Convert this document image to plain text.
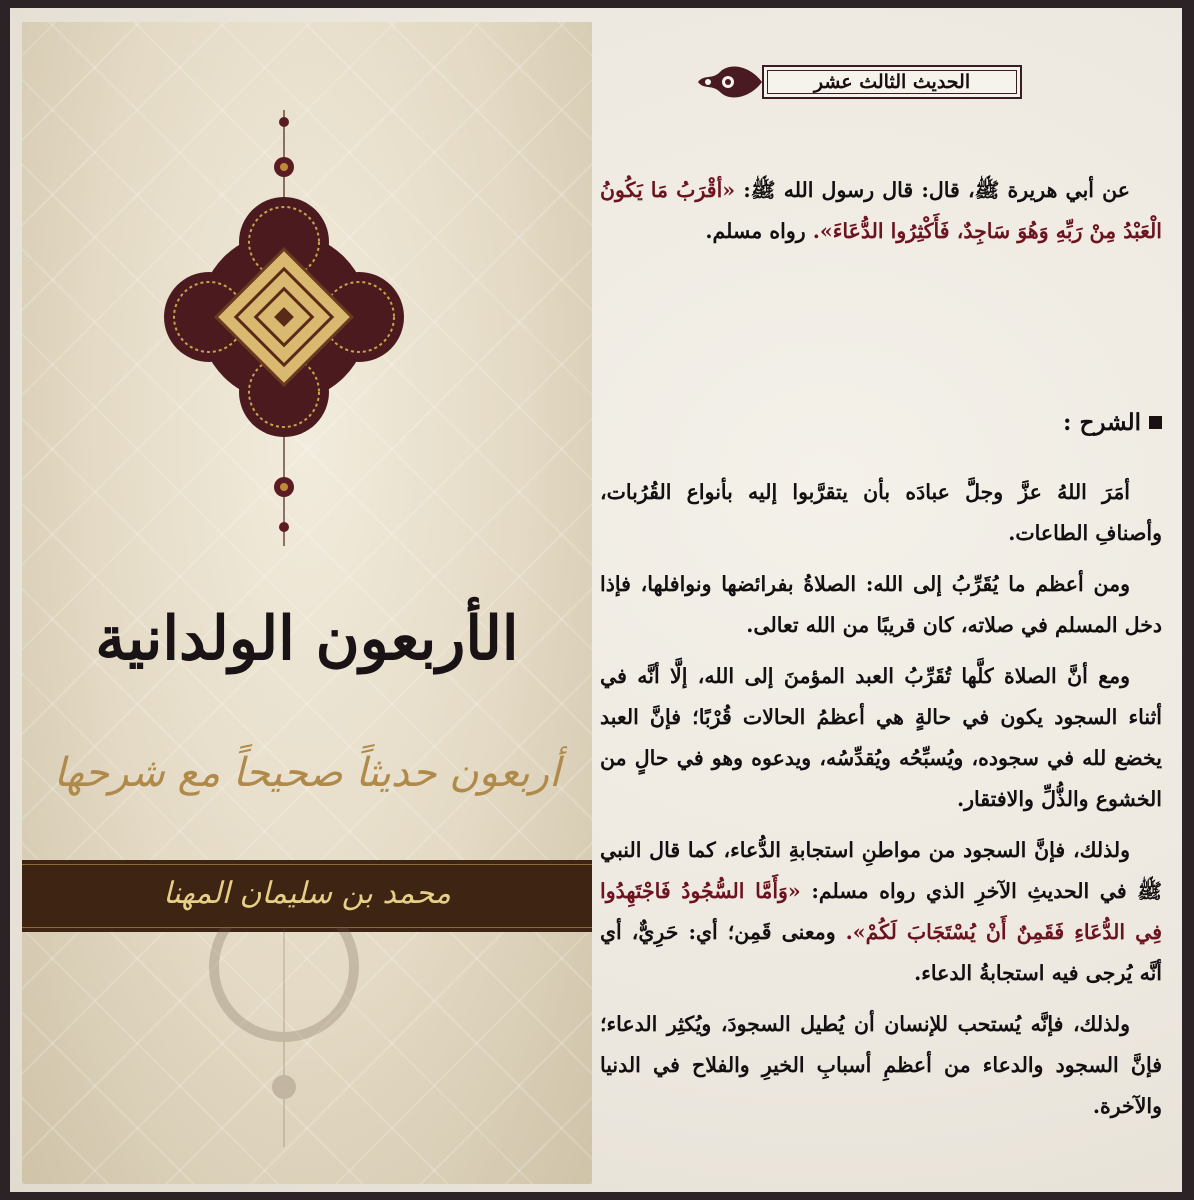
الأربعون الولدانية
أربعون حديثاً صحيحاً مع شرحها
محمد بن سليمان المهنا
الحديث الثالث عشر

عن أبي هريرة ﷺ، قال: قال رسول الله ﷺ: «أقْرَبُ مَا يَكُونُ الْعَبْدُ مِنْ رَبِّهِ وَهُوَ سَاجِدٌ، فَأَكْثِرُوا الدُّعَاءَ». رواه مسلم.

الشرح :

أمَرَ اللهُ عزَّ وجلَّ عبادَه بأن يتقرَّبوا إليه بأنواع القُرُبات، وأصنافِ الطاعات.

ومن أعظم ما يُقَرِّبُ إلى الله: الصلاةُ بفرائضها ونوافلها، فإذا دخل المسلم في صلاته، كان قريبًا من الله تعالى.

ومع أنَّ الصلاة كلَّها تُقَرِّبُ العبد المؤمنَ إلى الله، إلَّا أنَّه في أثناء السجود يكون في حالةٍ هي أعظمُ الحالات قُرْبًا؛ فإنَّ العبد يخضع لله في سجوده، ويُسبِّحُه ويُقدِّسُه، ويدعوه وهو في حالٍ من الخشوع والذُّلِّ والافتقار.

ولذلك، فإنَّ السجود من مواطنِ استجابةِ الدُّعاء، كما قال النبي ﷺ في الحديثِ الآخرِ الذي رواه مسلم: «وَأَمَّا السُّجُودُ فَاجْتَهِدُوا فِي الدُّعَاءِ فَقَمِنٌ أَنْ يُسْتَجَابَ لَكُمْ». ومعنى قَمِن؛ أي: حَرِيٌّ، أي أنَّه يُرجى فيه استجابةُ الدعاء.

ولذلك، فإنَّه يُستحب للإنسان أن يُطيل السجودَ، ويُكثِر الدعاء؛ فإنَّ السجود والدعاء من أعظمِ أسبابِ الخيرِ والفلاح في الدنيا والآخرة.
